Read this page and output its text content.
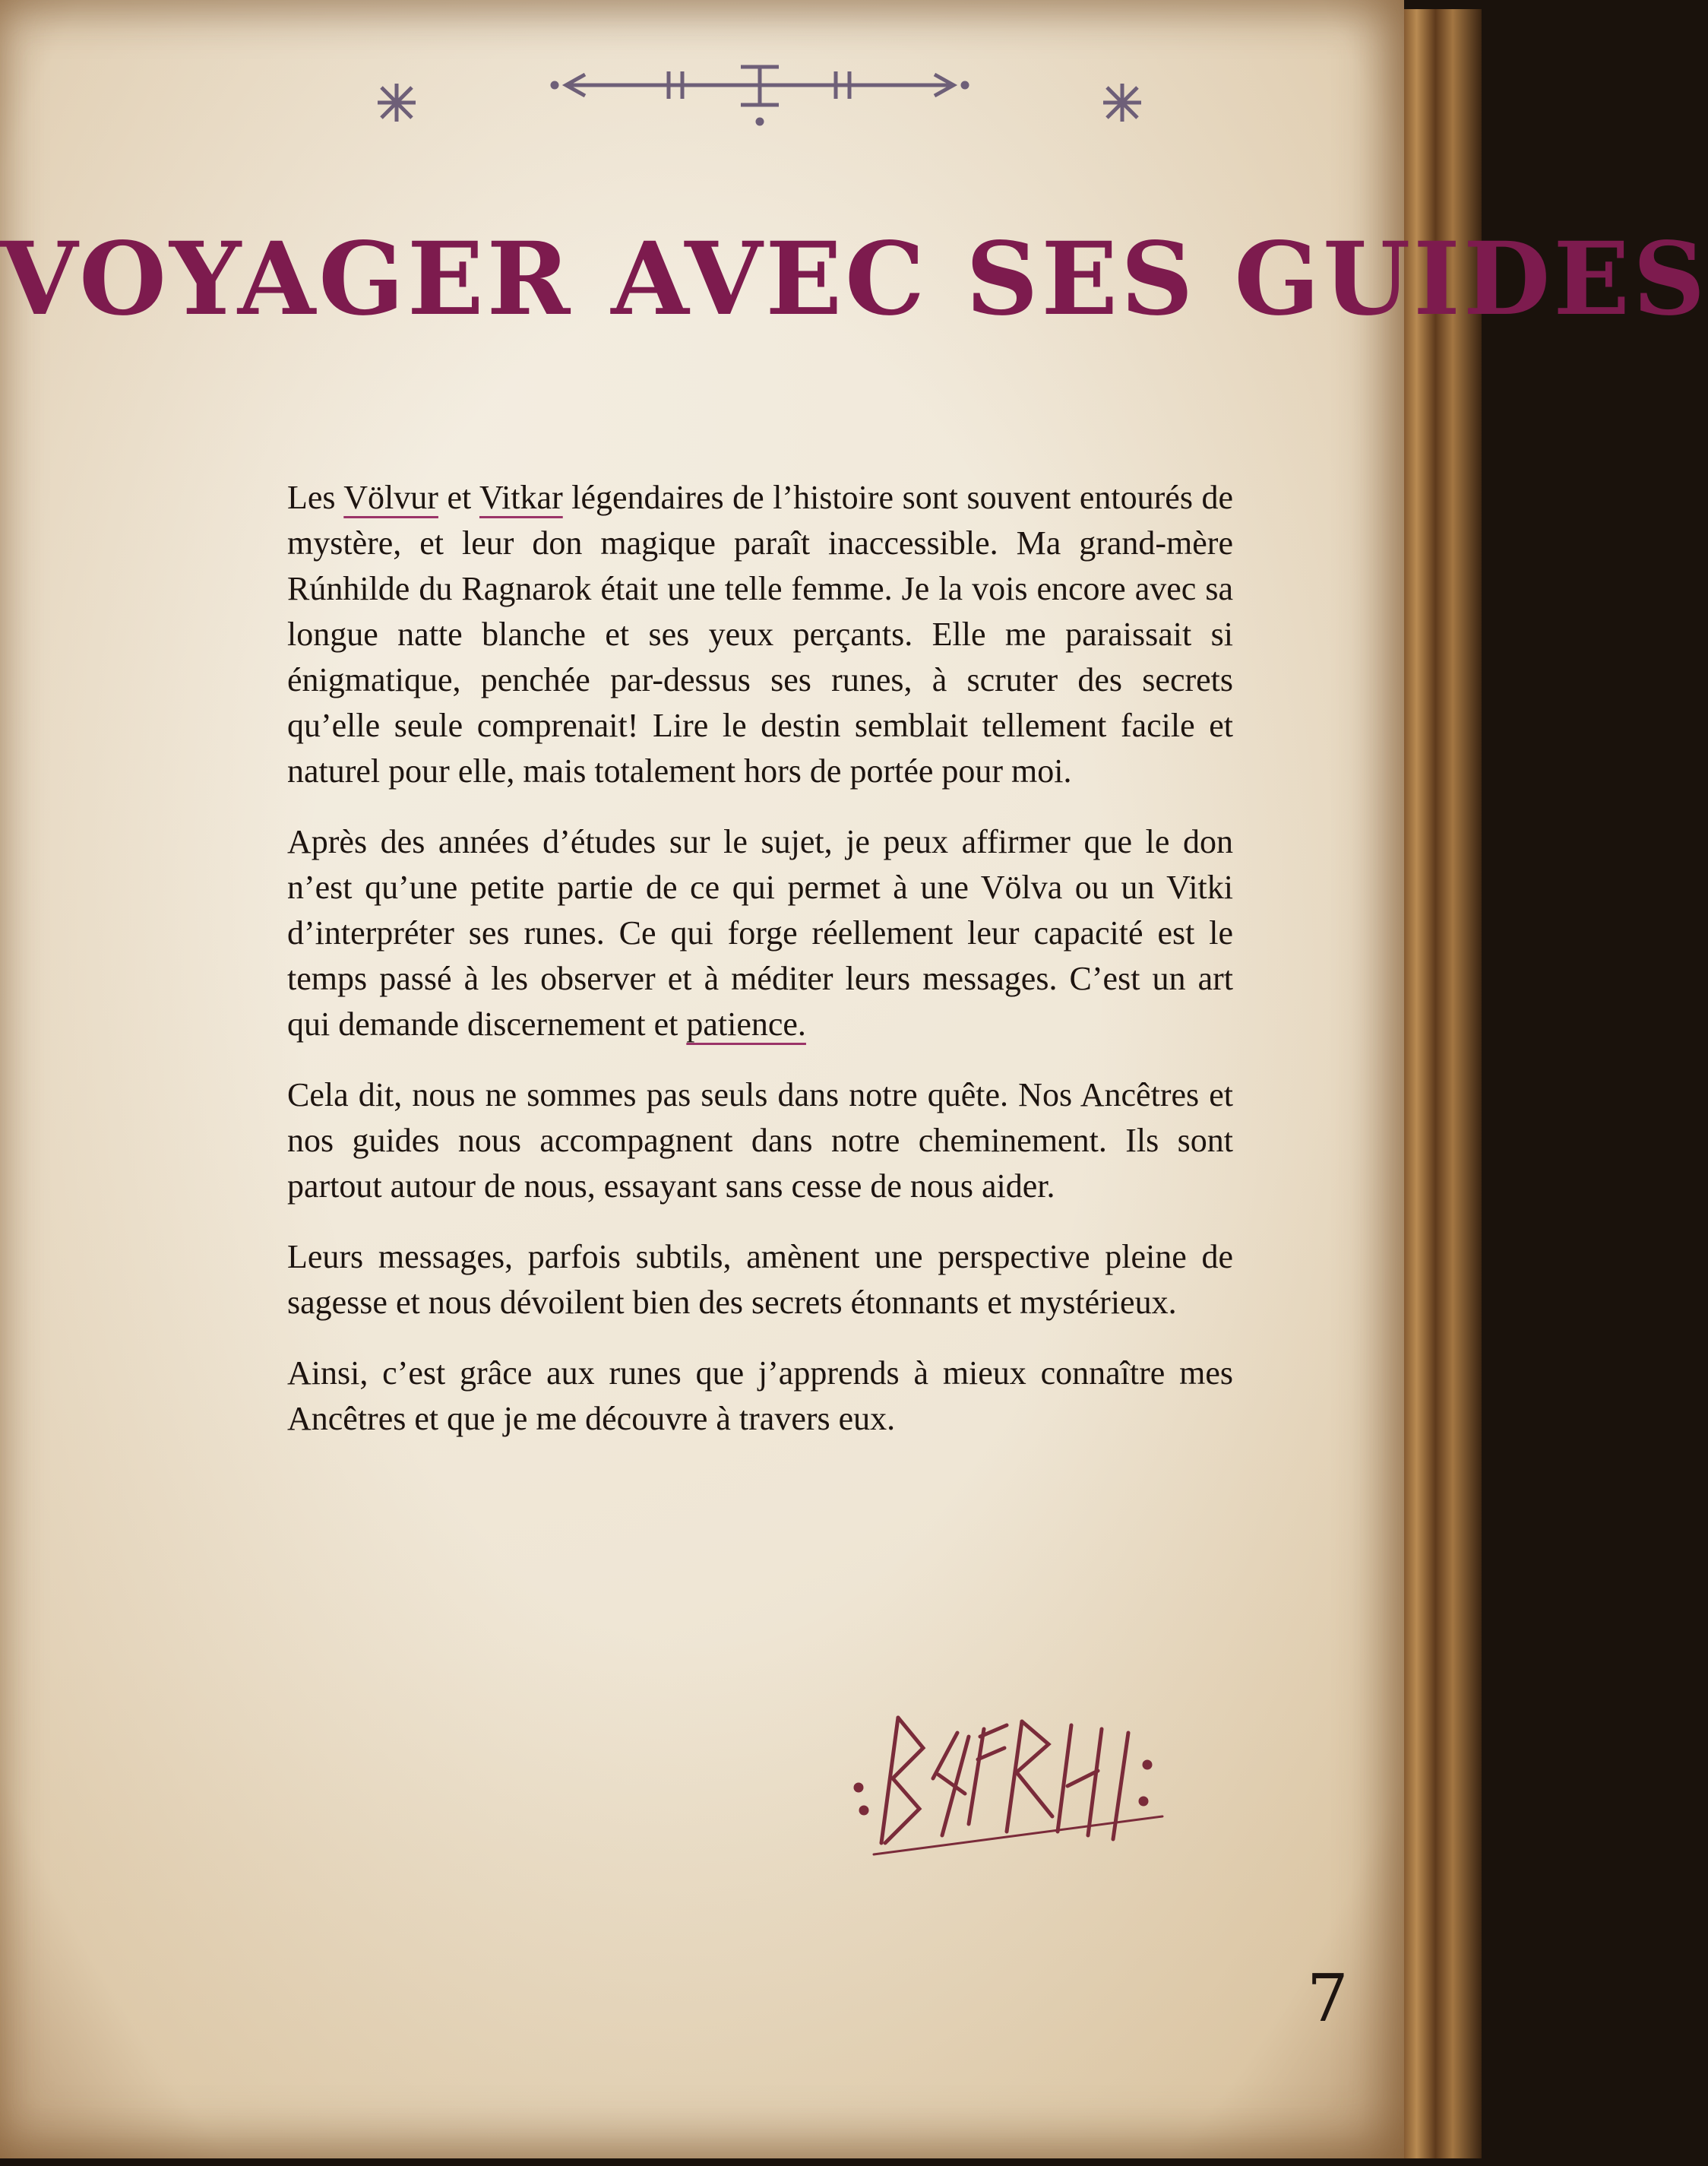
VOYAGER AVEC SES GUIDES

Les Völvur et Vitkar légendaires de l’histoire sont souvent entourés de mystère, et leur don magique paraît inaccessible. Ma grand-mère Rúnhilde du Ragnarok était une telle femme. Je la vois encore avec sa longue natte blanche et ses yeux perçants. Elle me paraissait si énigmatique, penchée par-dessus ses runes, à scruter des secrets qu’elle seule comprenait! Lire le destin semblait tellement facile et naturel pour elle, mais totalement hors de portée pour moi.

Après des années d’études sur le sujet, je peux affirmer que le don n’est qu’une petite partie de ce qui permet à une Völva ou un Vitki d’interpréter ses runes. Ce qui forge réellement leur capacité est le temps passé à les observer et à méditer leurs messages. C’est un art qui demande discernement et patience.

Cela dit, nous ne sommes pas seuls dans notre quête. Nos Ancêtres et nos guides nous accompagnent dans notre cheminement. Ils sont partout autour de nous, essayant sans cesse de nous aider.

Leurs messages, parfois subtils, amènent une perspective pleine de sagesse et nous dévoilent bien des secrets étonnants et mystérieux.

Ainsi, c’est grâce aux runes que j’apprends à mieux connaître mes Ancêtres et que je me découvre à travers eux.

7
